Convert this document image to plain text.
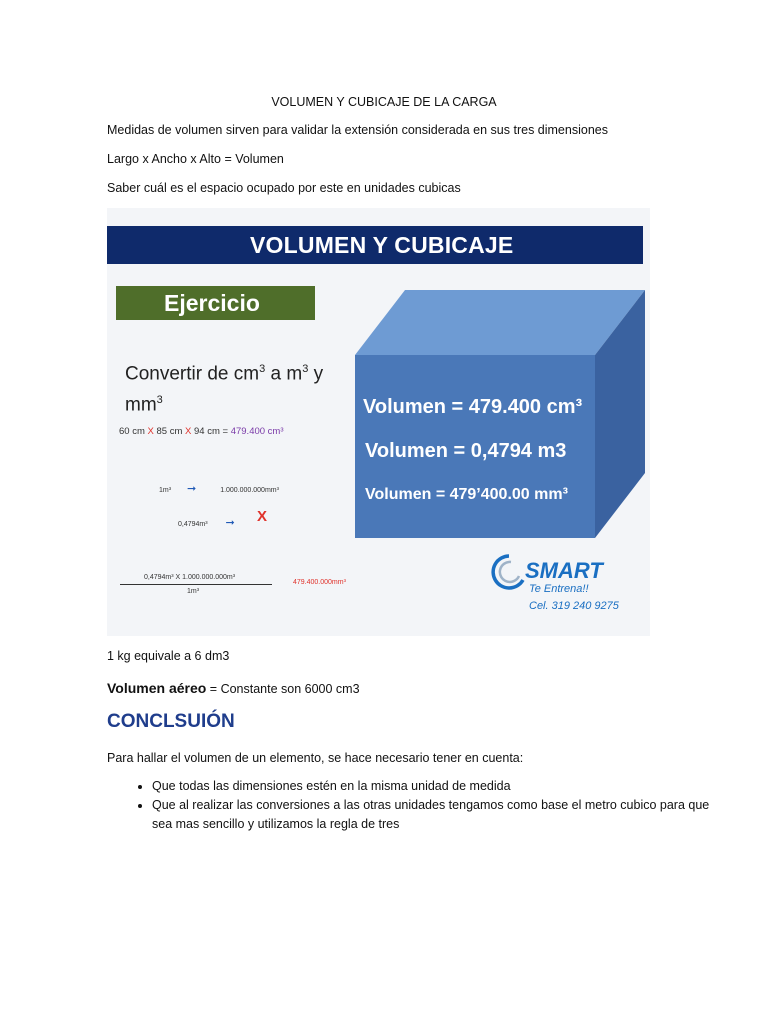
VOLUMEN Y CUBICAJE DE LA CARGA
Medidas de volumen sirven para validar la extensión considerada en sus tres dimensiones
Largo x Ancho x Alto = Volumen
Saber cuál es el espacio ocupado por este en unidades cubicas
VOLUMEN Y CUBICAJE
Ejercicio
Convertir de $cm^3$ a $m^3$ y $mm^3$
60 cm X 85 cm X 94 cm = 479.400 cm³
1m³ ➞	1.000.000.000mm³
0,4794m³ ➞ X
0,4794m³ X 1.000.000.000m³
1m³
479.400.000mm³
Volumen = 479.400 cm³
Volumen = 0,4794 m3
Volumen = 479’400.00 mm³
SMART
Te Entrena!!
Cel. 319 240 9275
1 kg equivale a 6 dm3
Volumen aéreo = Constante son 6000 cm3
CONCLSUIÓN
Para hallar el volumen de un elemento, se hace necesario tener en cuenta:
• Que todas las dimensiones estén en la misma unidad de medida
• Que al realizar las conversiones a las otras unidades tengamos como base el metro cubico para que sea mas sencillo y utilizamos la regla de tres
